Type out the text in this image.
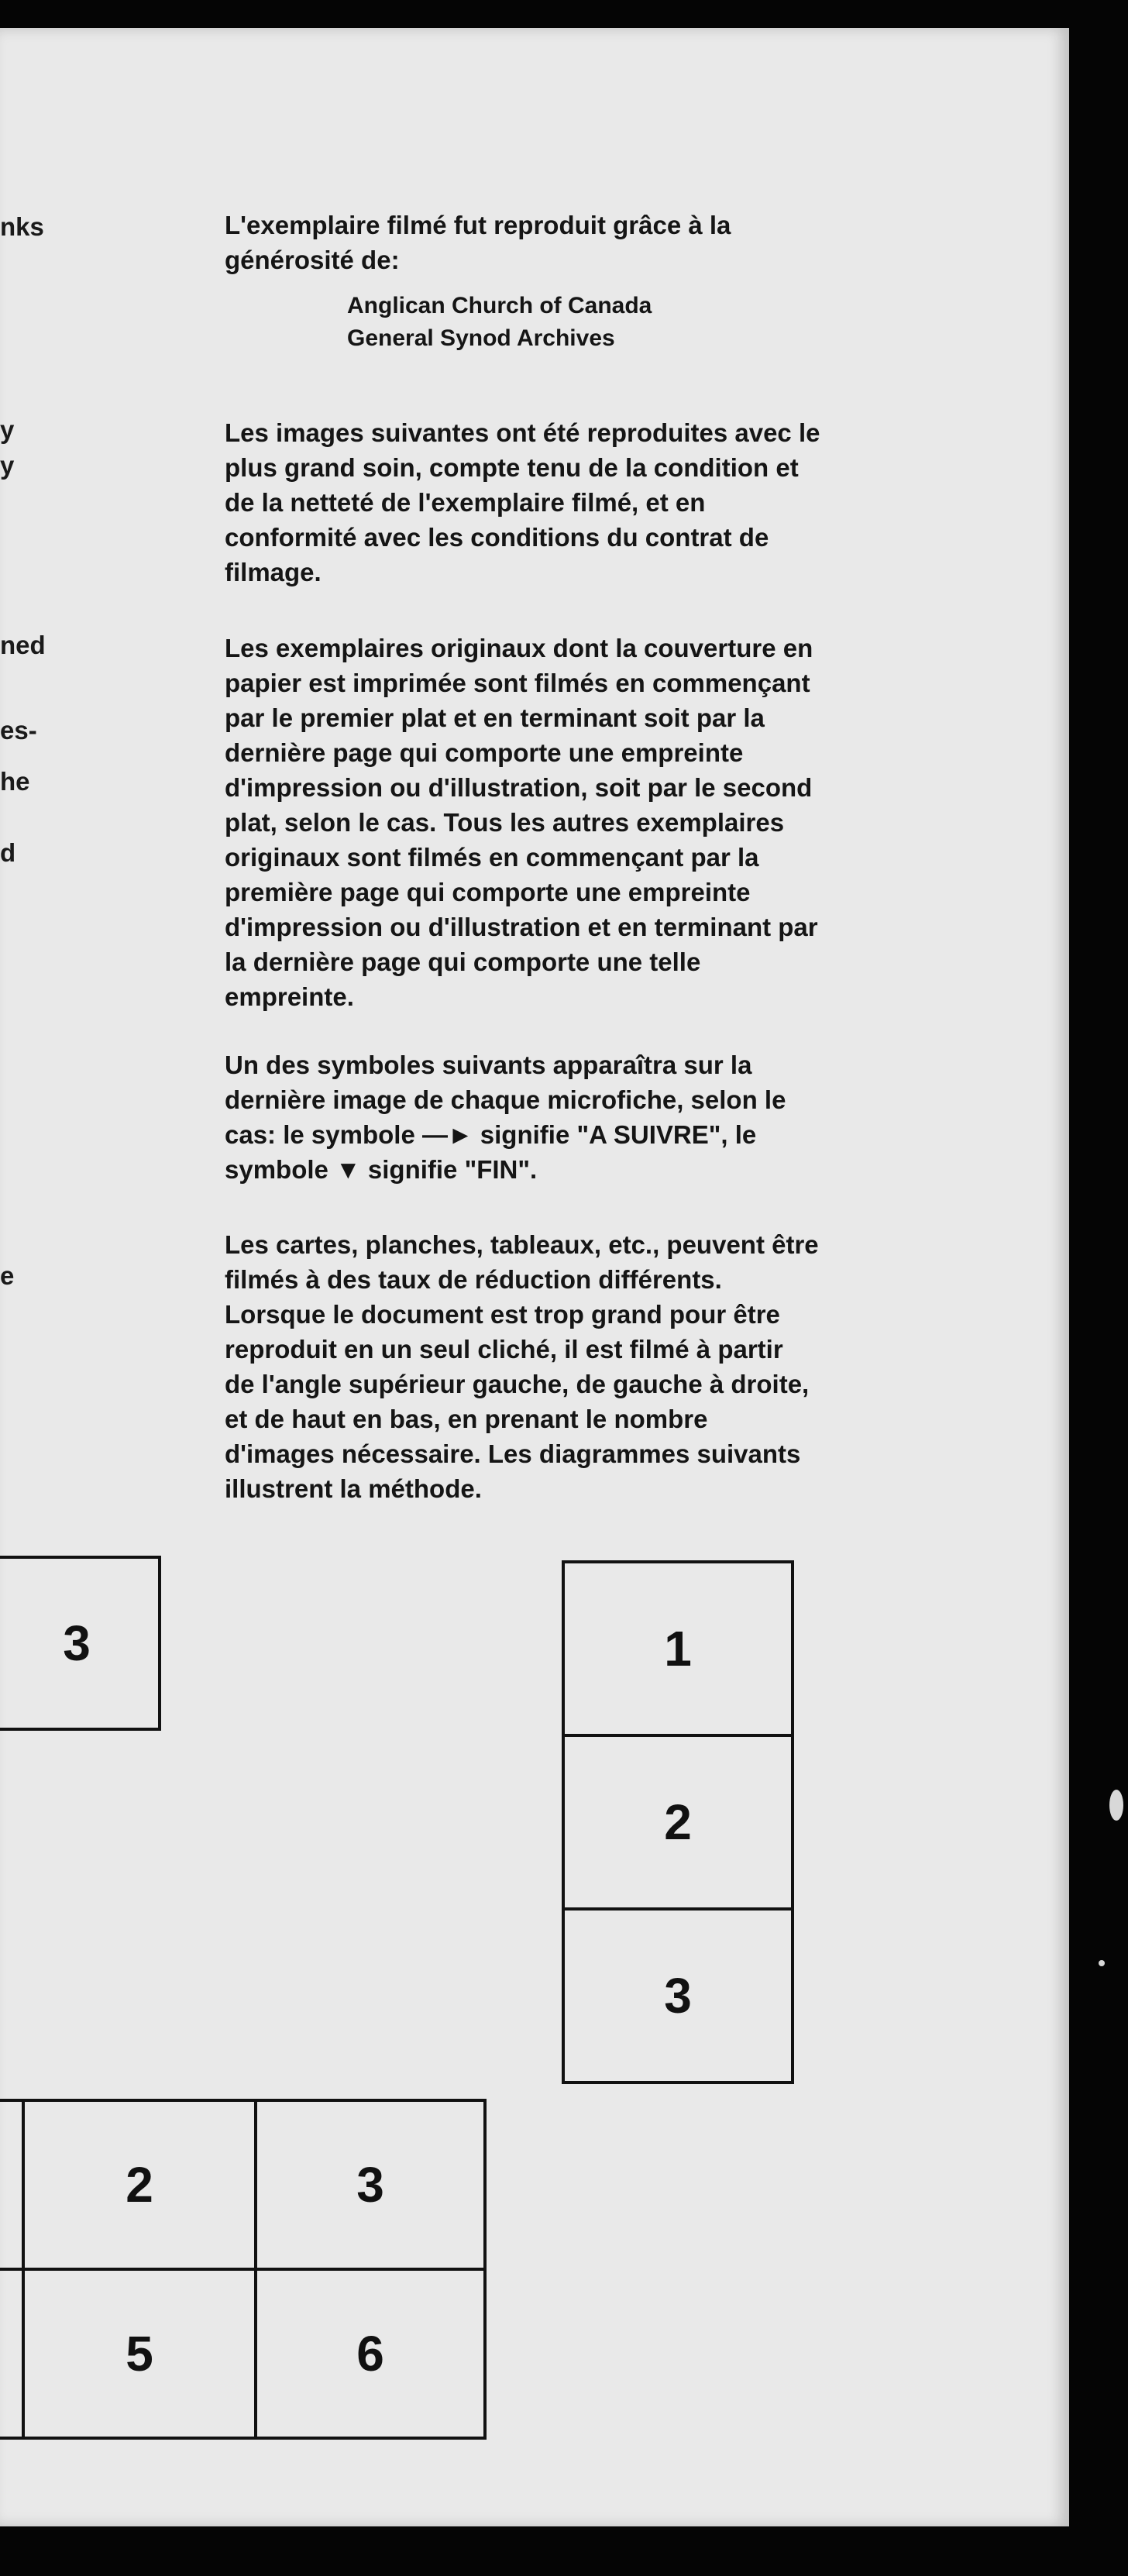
nks
y
y
ned
es-
he
d
e

L'exemplaire filmé fut reproduit grâce à la
générosité de:

Anglican Church of Canada
General Synod Archives

Les images suivantes ont été reproduites avec le
plus grand soin, compte tenu de la condition et
de la netteté de l'exemplaire filmé, et en
conformité avec les conditions du contrat de
filmage.

Les exemplaires originaux dont la couverture en
papier est imprimée sont filmés en commençant
par le premier plat et en terminant soit par la
dernière page qui comporte une empreinte
d'impression ou d'illustration, soit par le second
plat, selon le cas. Tous les autres exemplaires
originaux sont filmés en commençant par la
première page qui comporte une empreinte
d'impression ou d'illustration et en terminant par
la dernière page qui comporte une telle
empreinte.

Un des symboles suivants apparaîtra sur la
dernière image de chaque microfiche, selon le
cas: le symbole —► signifie "A SUIVRE", le
symbole ▼ signifie "FIN".

Les cartes, planches, tableaux, etc., peuvent être
filmés à des taux de réduction différents.
Lorsque le document est trop grand pour être
reproduit en un seul cliché, il est filmé à partir
de l'angle supérieur gauche, de gauche à droite,
et de haut en bas, en prenant le nombre
d'images nécessaire. Les diagrammes suivants
illustrent la méthode.

3	1
2
3
2	3
5	6
